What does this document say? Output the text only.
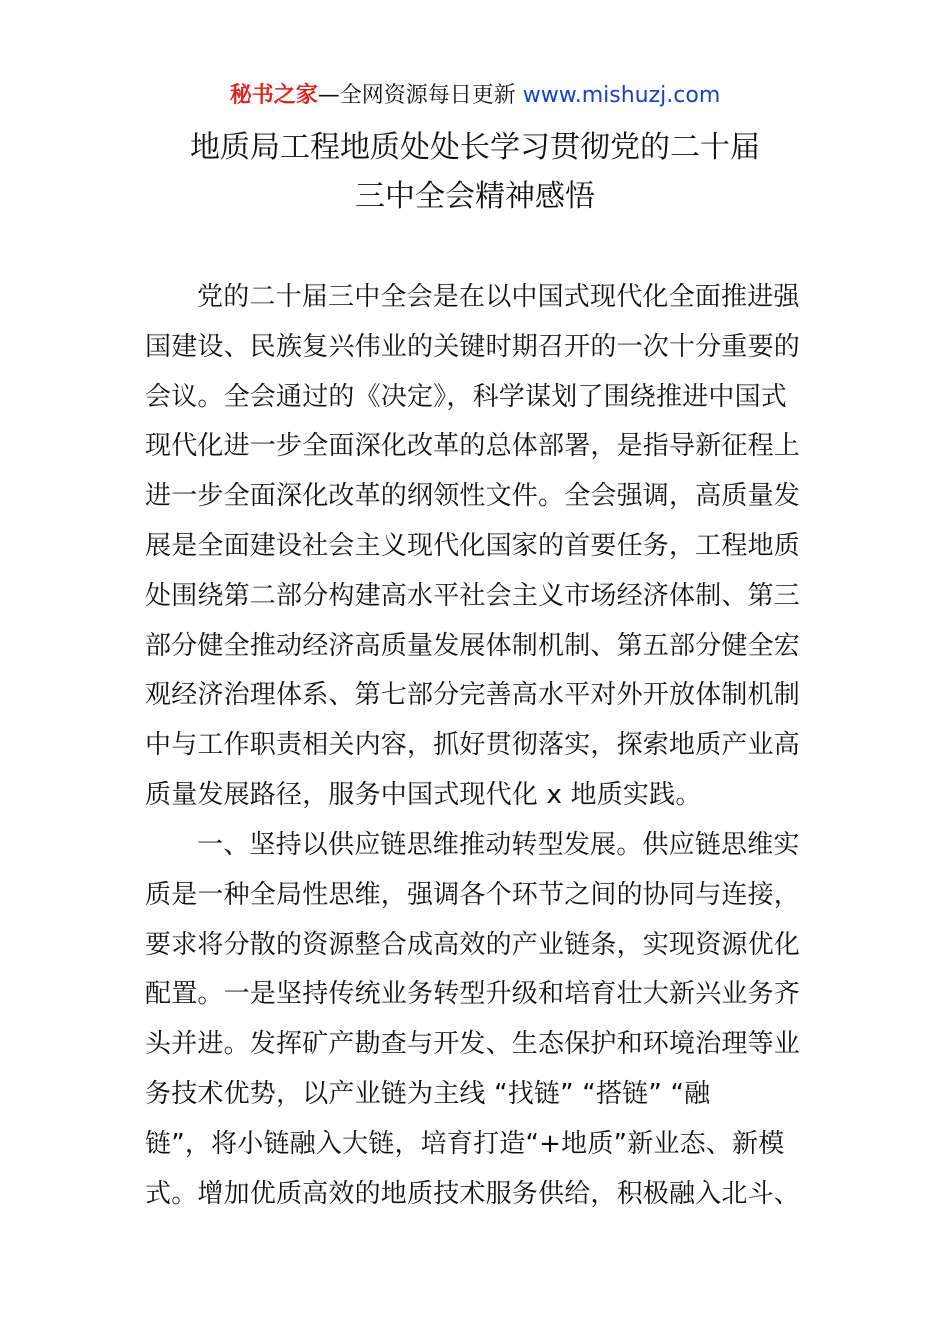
秘书之家—全网资源每日更新 www.mishuzj.com
地质局工程地质处处长学习贯彻党的二十届
三中全会精神感悟
党的二十届三中全会是在以中国式现代化全面推进强
国建设、民族复兴伟业的关键时期召开的一次十分重要的
会议。全会通过的《决定》，科学谋划了围绕推进中国式
现代化进一步全面深化改革的总体部署，是指导新征程上
进一步全面深化改革的纲领性文件。全会强调，高质量发
展是全面建设社会主义现代化国家的首要任务，工程地质
处围绕第二部分构建高水平社会主义市场经济体制、第三
部分健全推动经济高质量发展体制机制、第五部分健全宏
观经济治理体系、第七部分完善高水平对外开放体制机制
中与工作职责相关内容，抓好贯彻落实，探索地质产业高
质量发展路径，服务中国式现代化 x 地质实践。
一、坚持以供应链思维推动转型发展。供应链思维实
质是一种全局性思维，强调各个环节之间的协同与连接，
要求将分散的资源整合成高效的产业链条，实现资源优化
配置。一是坚持传统业务转型升级和培育壮大新兴业务齐
头并进。发挥矿产勘查与开发、生态保护和环境治理等业
务技术优势，以产业链为主线 “找链” “搭链” “融
链”，将小链融入大链，培育打造“+地质”新业态、新模
式。增加优质高效的地质技术服务供给，积极融入北斗、
